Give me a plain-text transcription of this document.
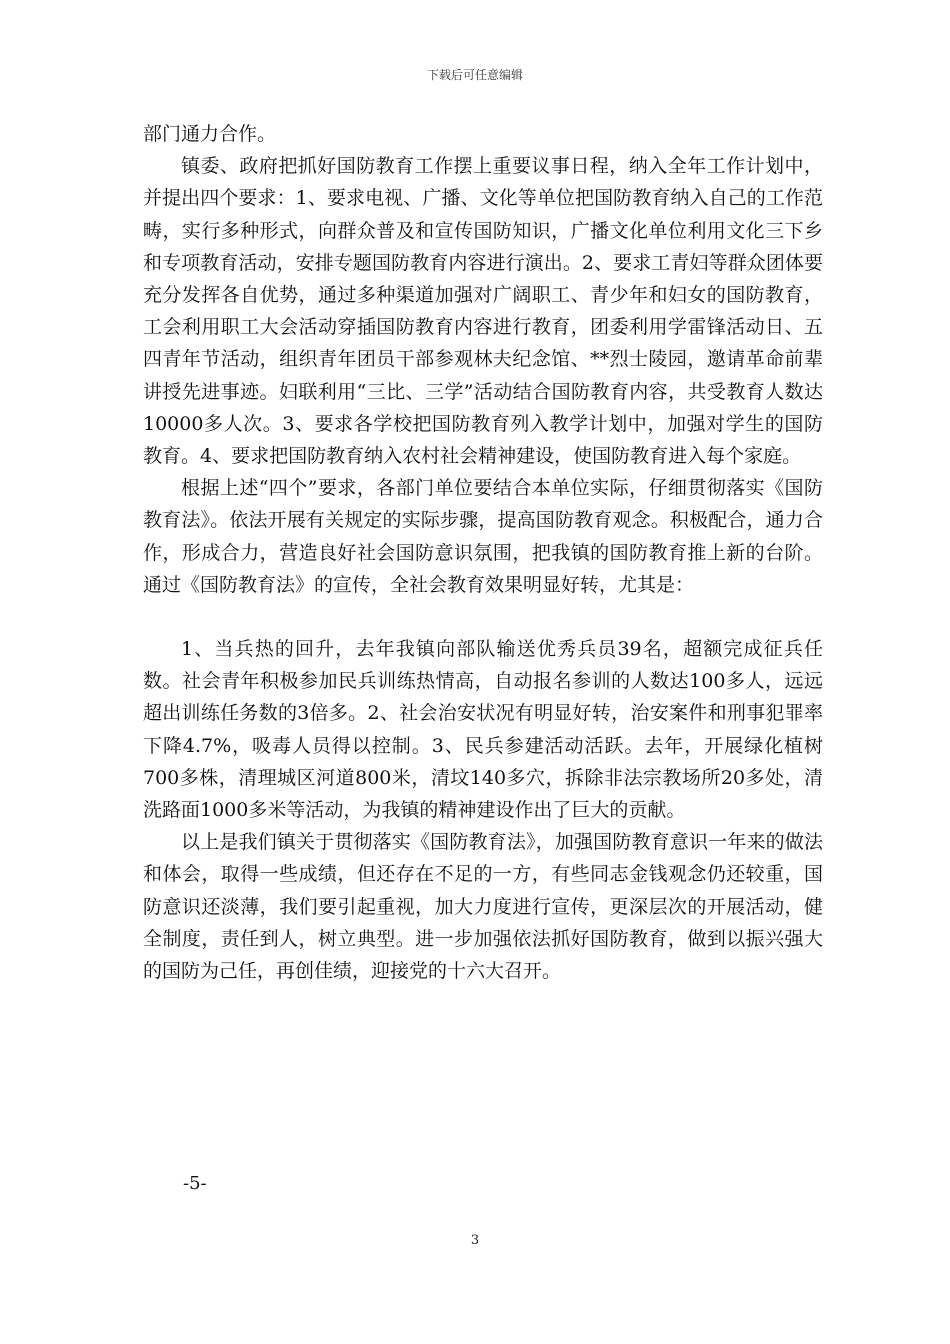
下载后可任意编辑

部门通力合作。

镇委、政府把抓好国防教育工作摆上重要议事日程，纳入全年工作计划中，并提出四个要求：1、要求电视、广播、文化等单位把国防教育纳入自己的工作范畴，实行多种形式，向群众普及和宣传国防知识，广播文化单位利用文化三下乡和专项教育活动，安排专题国防教育内容进行演出。2、要求工青妇等群众团体要充分发挥各自优势，通过多种渠道加强对广阔职工、青少年和妇女的国防教育，工会利用职工大会活动穿插国防教育内容进行教育，团委利用学雷锋活动日、五四青年节活动，组织青年团员干部参观林夫纪念馆、**烈士陵园，邀请革命前辈讲授先进事迹。妇联利用“三比、三学”活动结合国防教育内容，共受教育人数达10000多人次。3、要求各学校把国防教育列入教学计划中，加强对学生的国防教育。4、要求把国防教育纳入农村社会精神建设，使国防教育进入每个家庭。

根据上述“四个”要求，各部门单位要结合本单位实际，仔细贯彻落实《国防教育法》。依法开展有关规定的实际步骤，提高国防教育观念。积极配合，通力合作，形成合力，营造良好社会国防意识氛围，把我镇的国防教育推上新的台阶。通过《国防教育法》的宣传，全社会教育效果明显好转，尤其是：

1、当兵热的回升，去年我镇向部队输送优秀兵员39名，超额完成征兵任数。社会青年积极参加民兵训练热情高，自动报名参训的人数达100多人，远远超出训练任务数的3倍多。2、社会治安状况有明显好转，治安案件和刑事犯罪率下降4.7%，吸毒人员得以控制。3、民兵参建活动活跃。去年，开展绿化植树700多株，清理城区河道800米，清坟140多穴，拆除非法宗教场所20多处，清洗路面1000多米等活动，为我镇的精神建设作出了巨大的贡献。

以上是我们镇关于贯彻落实《国防教育法》，加强国防教育意识一年来的做法和体会，取得一些成绩，但还存在不足的一方，有些同志金钱观念仍还较重，国防意识还淡薄，我们要引起重视，加大力度进行宣传，更深层次的开展活动，健全制度，责任到人，树立典型。进一步加强依法抓好国防教育，做到以振兴强大的国防为己任，再创佳绩，迎接党的十六大召开。

-5-
3
